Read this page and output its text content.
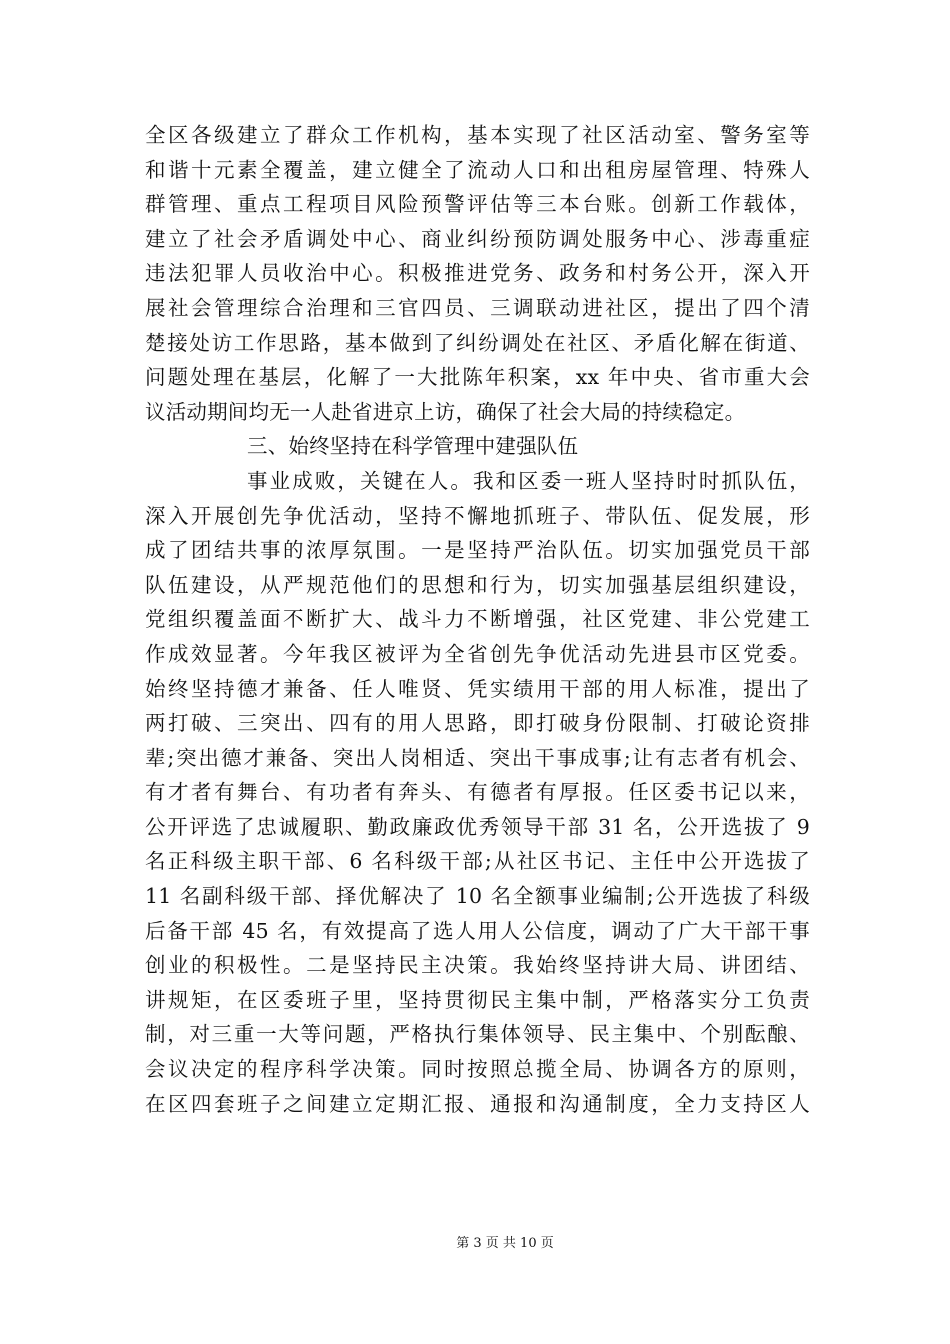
全区各级建立了群众工作机构，基本实现了社区活动室、警务室等
和谐十元素全覆盖，建立健全了流动人口和出租房屋管理、特殊人
群管理、重点工程项目风险预警评估等三本台账。创新工作载体，
建立了社会矛盾调处中心、商业纠纷预防调处服务中心、涉毒重症
违法犯罪人员收治中心。积极推进党务、政务和村务公开，深入开
展社会管理综合治理和三官四员、三调联动进社区，提出了四个清
楚接处访工作思路，基本做到了纠纷调处在社区、矛盾化解在街道、
问题处理在基层，化解了一大批陈年积案，xx 年中央、省市重大会
议活动期间均无一人赴省进京上访，确保了社会大局的持续稳定。
三、始终坚持在科学管理中建强队伍
事业成败，关键在人。我和区委一班人坚持时时抓队伍，
深入开展创先争优活动，坚持不懈地抓班子、带队伍、促发展，形
成了团结共事的浓厚氛围。一是坚持严治队伍。切实加强党员干部
队伍建设，从严规范他们的思想和行为，切实加强基层组织建设，
党组织覆盖面不断扩大、战斗力不断增强，社区党建、非公党建工
作成效显著。今年我区被评为全省创先争优活动先进县市区党委。
始终坚持德才兼备、任人唯贤、凭实绩用干部的用人标准，提出了
两打破、三突出、四有的用人思路，即打破身份限制、打破论资排
辈;突出德才兼备、突出人岗相适、突出干事成事;让有志者有机会、
有才者有舞台、有功者有奔头、有德者有厚报。任区委书记以来，
公开评选了忠诚履职、勤政廉政优秀领导干部 31 名，公开选拔了 9
名正科级主职干部、6 名科级干部;从社区书记、主任中公开选拔了
11 名副科级干部、择优解决了 10 名全额事业编制;公开选拔了科级
后备干部 45 名，有效提高了选人用人公信度，调动了广大干部干事
创业的积极性。二是坚持民主决策。我始终坚持讲大局、讲团结、
讲规矩，在区委班子里，坚持贯彻民主集中制，严格落实分工负责
制，对三重一大等问题，严格执行集体领导、民主集中、个别酝酿、
会议决定的程序科学决策。同时按照总揽全局、协调各方的原则，
在区四套班子之间建立定期汇报、通报和沟通制度，全力支持区人
第 3 页 共 10 页
